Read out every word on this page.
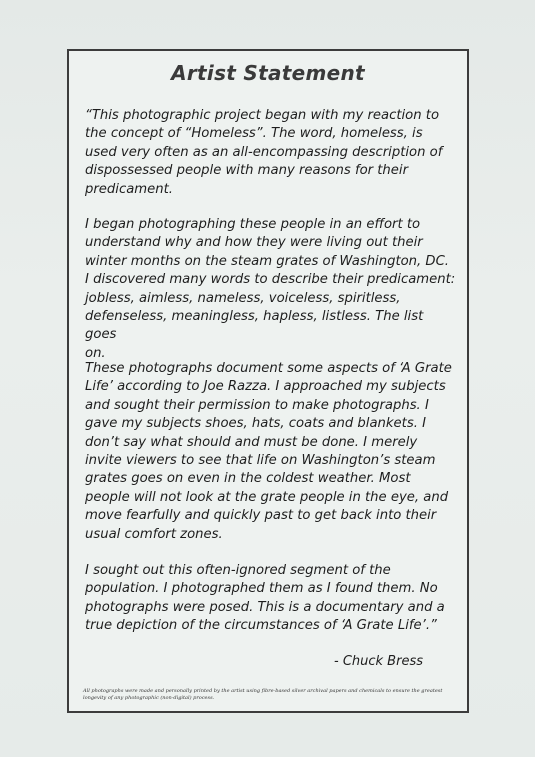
Artist Statement

“This photographic project began with my reaction to
the concept of “Homeless”. The word, homeless, is
used very often as an all-encompassing description of
dispossessed people with many reasons for their
predicament.

I began photographing these people in an effort to
understand why and how they were living out their
winter months on the steam grates of Washington, DC.
I discovered many words to describe their predicament:
jobless, aimless, nameless, voiceless, spiritless,
defenseless, meaningless, hapless, listless. The list goes
on.

These photographs document some aspects of ‘A Grate
Life’ according to Joe Razza. I approached my subjects
and sought their permission to make photographs. I
gave my subjects shoes, hats, coats and blankets. I
don’t say what should and must be done. I merely
invite viewers to see that life on Washington’s steam
grates goes on even in the coldest weather. Most
people will not look at the grate people in the eye, and
move fearfully and quickly past to get back into their
usual comfort zones.

I sought out this often-ignored segment of the
population. I photographed them as I found them. No
photographs were posed. This is a documentary and a
true depiction of the circumstances of ‘A Grate Life’.”

- Chuck Bress
All photographs were made and personally printed by the artist using fibre-based silver archival papers and chemicals to ensure the greatest longevity of any photographic (non-digital) process.
